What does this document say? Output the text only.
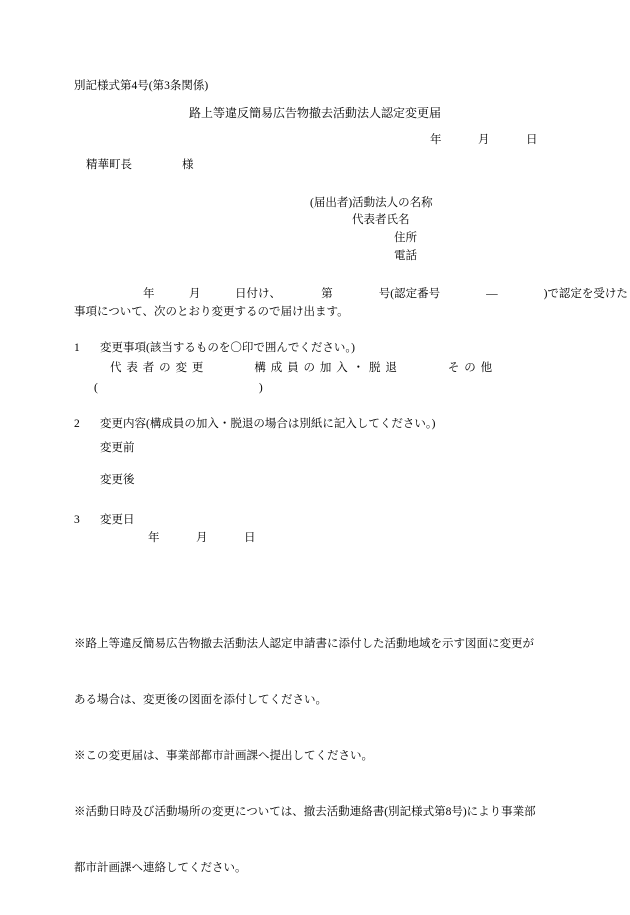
別記様式第4号(第3条関係)
路上等違反簡易広告物撤去活動法人認定変更届
年　　　月　　　日
精華町長	様
(届出者)活動法人の名称
代表者氏名
住所
電話
　　　　　　年　　　月　　　日付け、　　　　第　　　　号(認定番号　　　　―　　　　)で認定を受けた
事項について、次のとおり変更するので届け出ます。
1 変更事項(該当するものを〇印で囲んでください。)
代 表 者 の 変 更　　　　構 成 員 の 加 入 ・ 脱 退　　　　そ の 他
(　　　　　　　　　　　　　　)
2 変更内容(構成員の加入・脱退の場合は別紙に記入してください。)
変更前
変更後
3 変更日
年　　　月　　　日

※路上等違反簡易広告物撤去活動法人認定申請書に添付した活動地域を示す図面に変更が

ある場合は、変更後の図面を添付してください。

※この変更届は、事業部都市計画課へ提出してください。

※活動日時及び活動場所の変更については、撤去活動連絡書(別記様式第8号)により事業部

都市計画課へ連絡してください。
